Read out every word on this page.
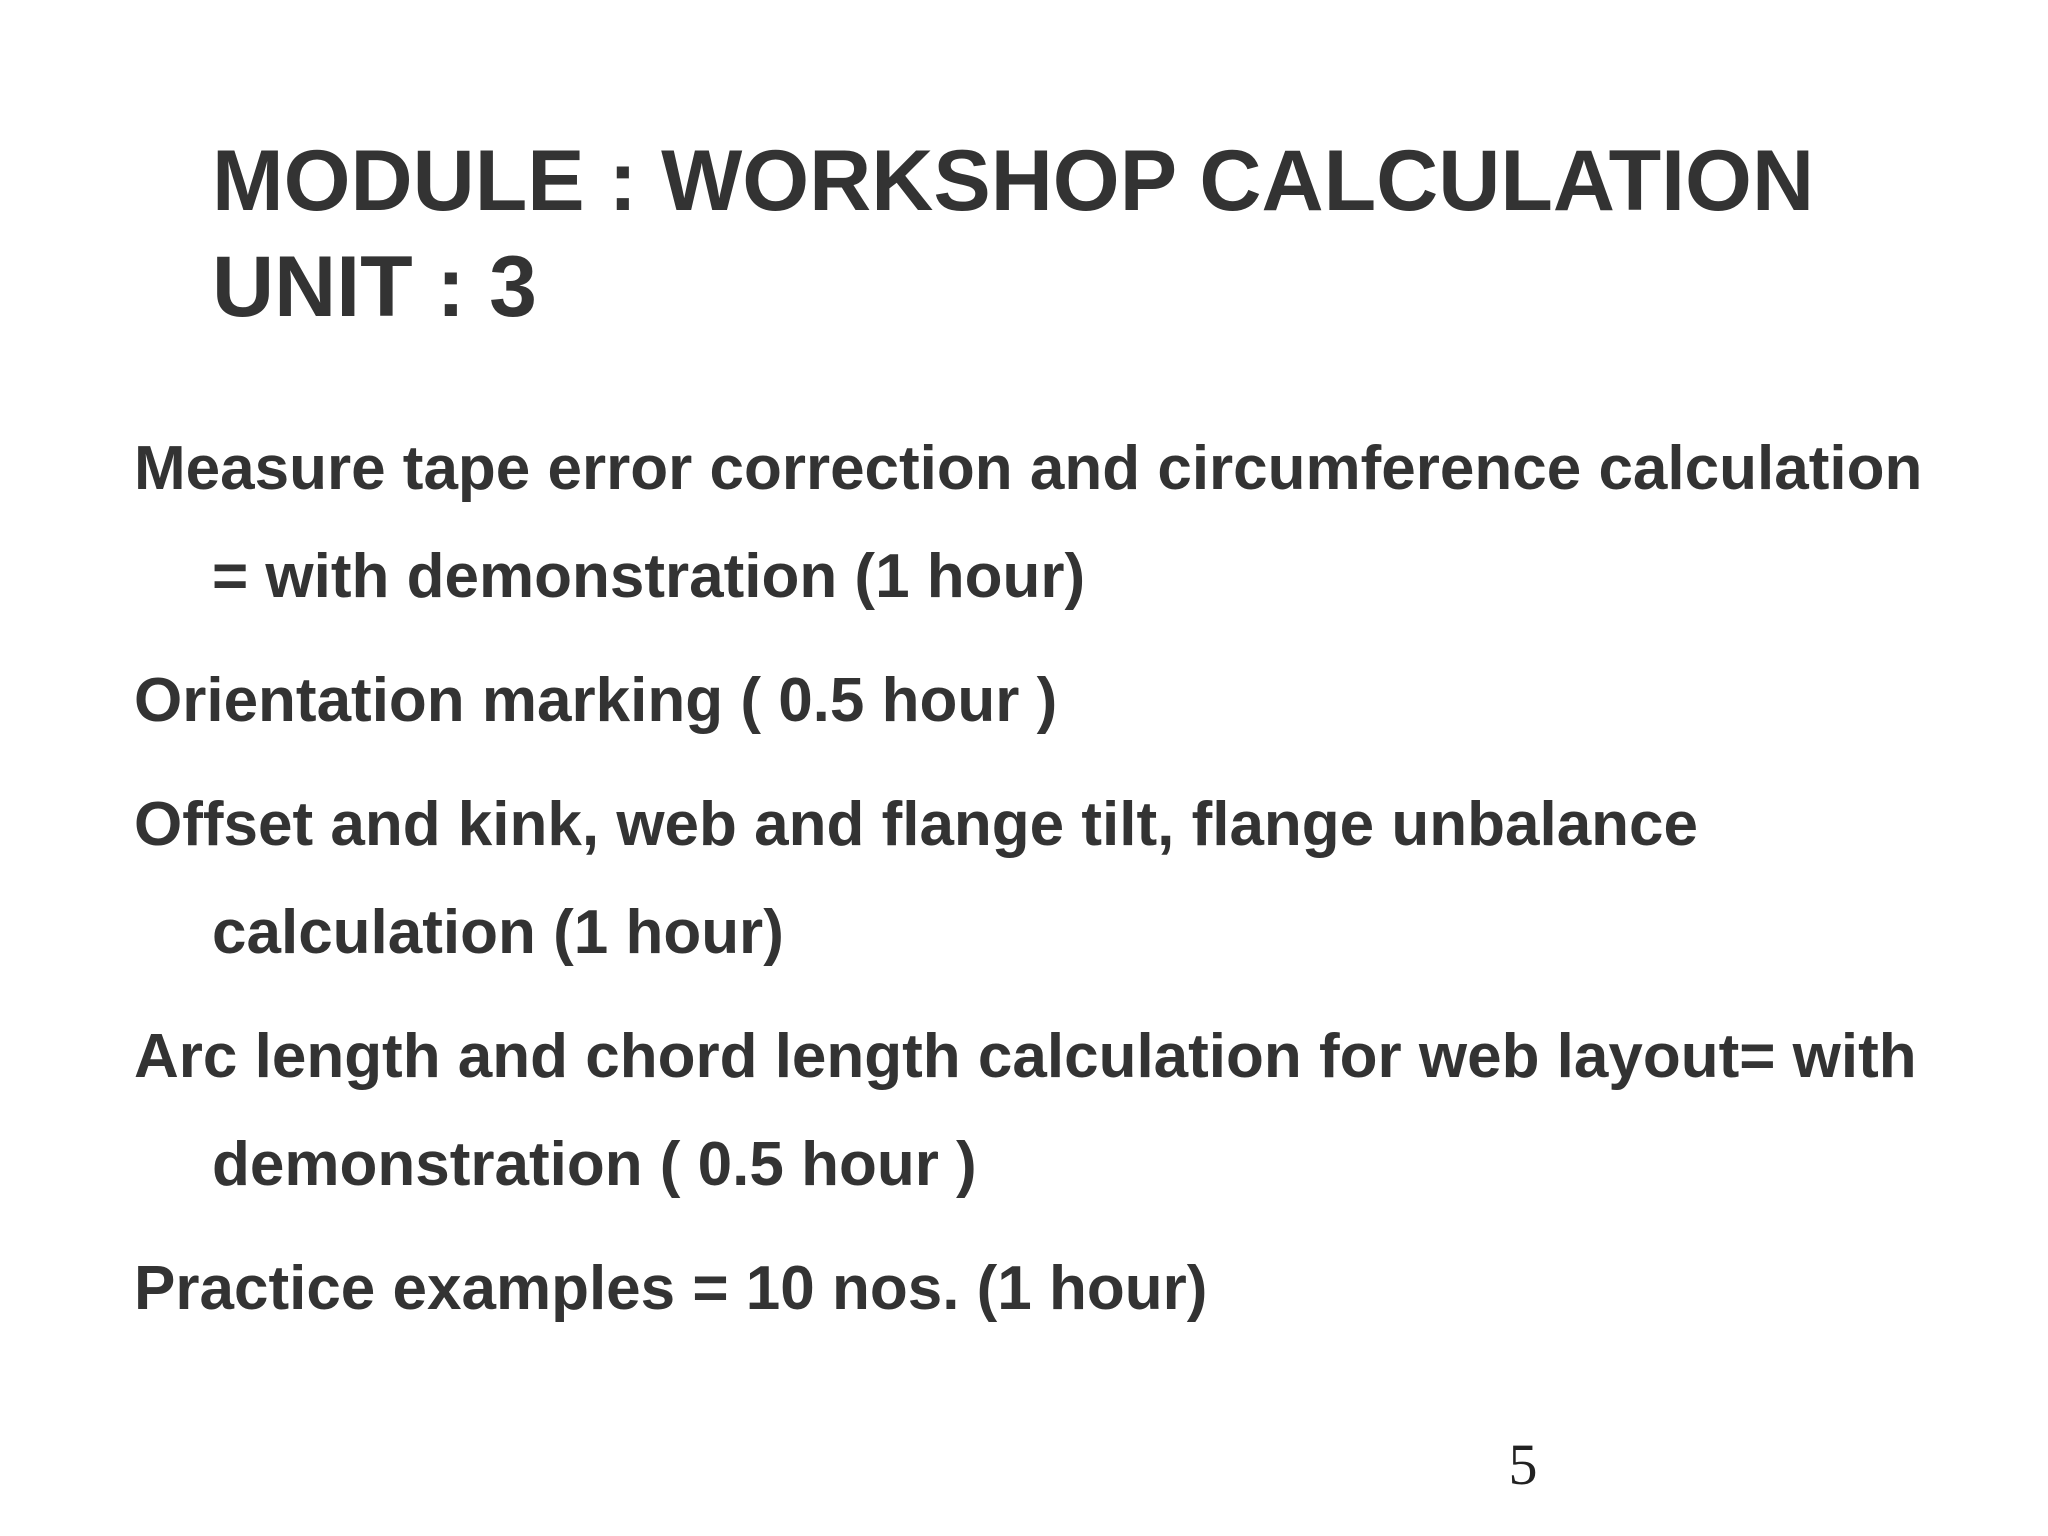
MODULE : WORKSHOP CALCULATION
UNIT : 3
Measure tape error correction and circumference calculation = with demonstration (1 hour)
Orientation marking ( 0.5 hour )
Offset and kink, web and flange tilt, flange unbalance calculation (1 hour)
Arc length and chord length calculation for web layout= with demonstration ( 0.5 hour )
Practice examples = 10 nos. (1 hour)
5
